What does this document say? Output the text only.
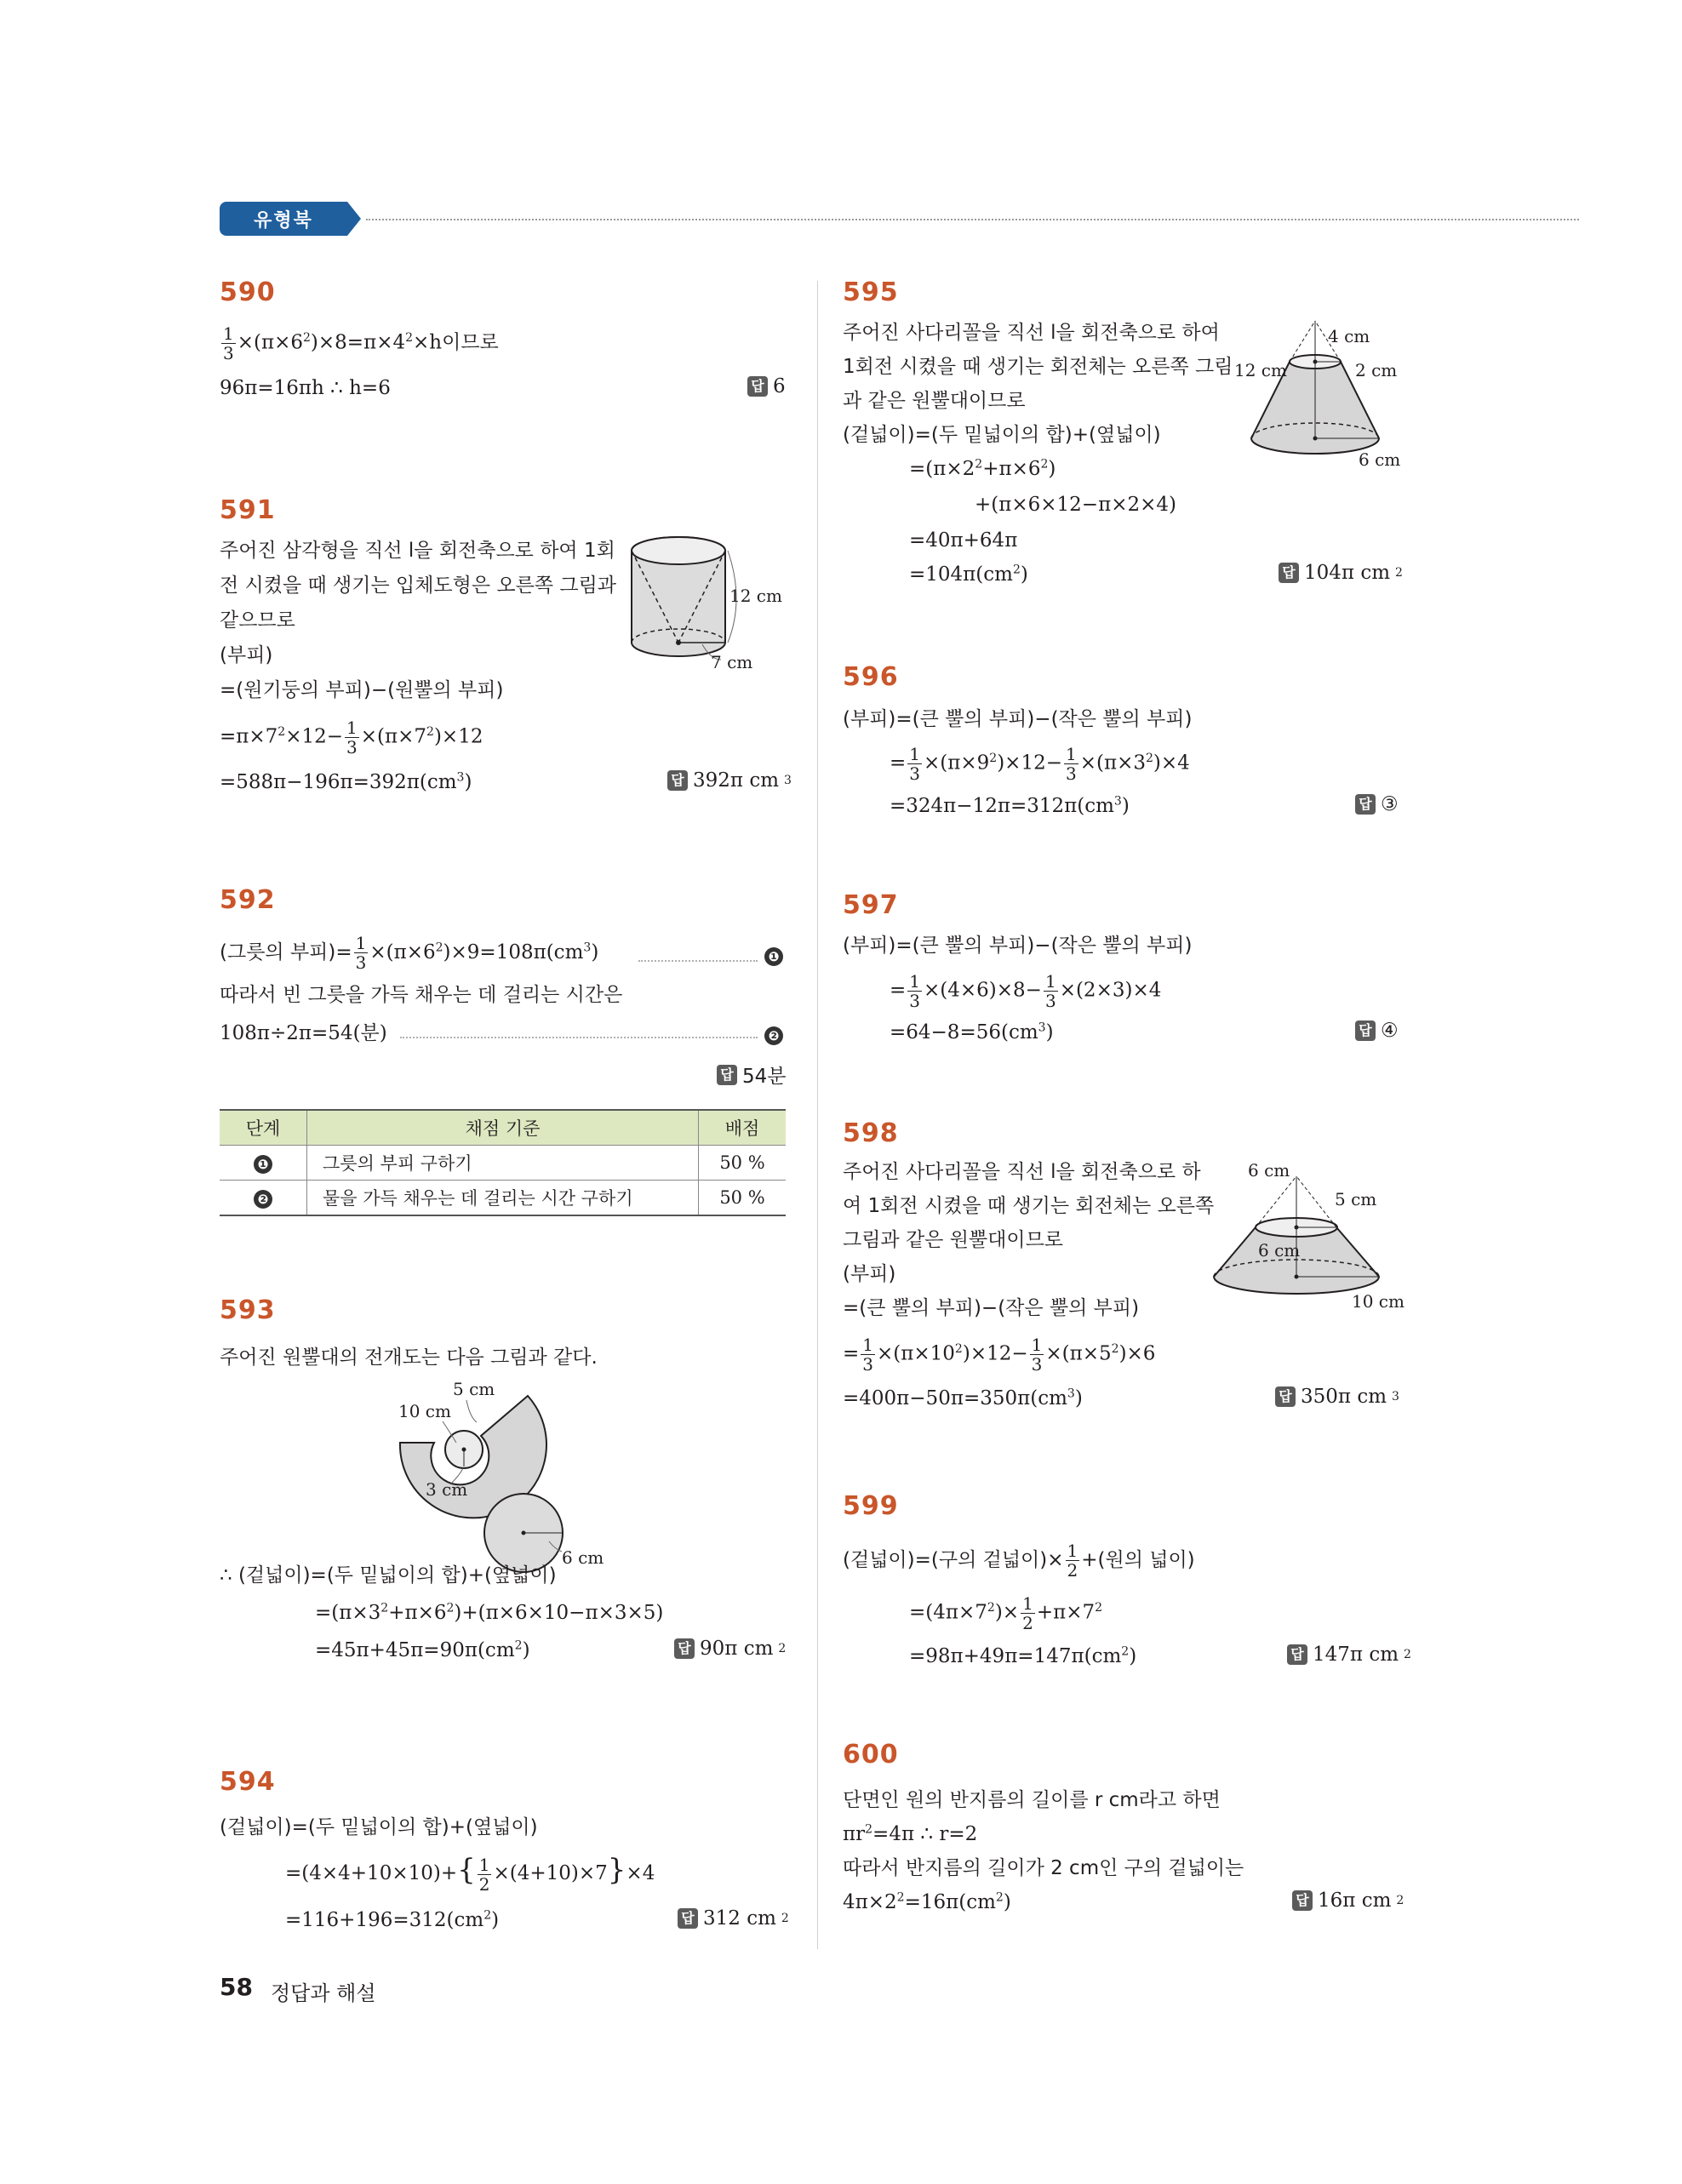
유형북
590
$\frac{1}{3} \times(\pi\times 6^2)\times 8=\pi\times 4^2\times h$이므로
96π=16πh ∴ h=6	답 6
591
주어진 삼각형을 직선 l을 회전축으로 하여 1회
전 시켰을 때 생기는 입체도형은 오른쪽 그림과
같으므로
(부피)
=(원기둥의 부피)−(원뿔의 부피)
$=\pi\times 7^2\times 12- \frac{1}{3} \times(\pi\times 7^2)\times 12$
$=588\pi-196\pi=392\pi(cm^3)$	답 392π cm 3
12 cm
7 cm
592
(그릇의 부피)= $\frac{1}{3} \times(\pi\times 6^2)\times 9=108\pi(cm^3)$	❶
따라서 빈 그릇을 가득 채우는 데 걸리는 시간은
108π÷2π=54(분)	❷
답 54분
단계	채점 기준	배점
❶	그릇의 부피 구하기	50 %
❷	물을 가득 채우는 데 걸리는 시간 구하기	50 %
593
주어진 원뿔대의 전개도는 다음 그림과 같다.
5 cm
10 cm
3 cm
6 cm
∴ (겉넓이)=(두 밑넓이의 합)+(옆넓이)
$=(\pi\times 3^2+\pi\times 6^2)+(\pi\times 6\times 10-\pi\times 3\times 5)$
$=45\pi+45\pi=90\pi(cm^2)$	답 90π cm 2
594
(겉넓이)=(두 밑넓이의 합)+(옆넓이)
$=(4\times 4+10\times 10)+\{ \frac{1}{2} \times(4+10)\times 7\}\times 4$
$=116+196=312(cm^2)$	답 312 cm 2
595
주어진 사다리꼴을 직선 l을 회전축으로 하여
1회전 시켰을 때 생기는 회전체는 오른쪽 그림
과 같은 원뿔대이므로
(겉넓이)=(두 밑넓이의 합)+(옆넓이)
$=(\pi\times 2^2+\pi\times 6^2)$
+(π×6×12−π×2×4)
=40π+64π
$=104\pi(cm^2)$	답 104π cm 2
4 cm
12 cm	2 cm
6 cm
596
(부피)=(큰 뿔의 부피)−(작은 뿔의 부피)
= $\frac{1}{3} \times(\pi\times 9^2)\times 12- \frac{1}{3} \times(\pi\times 3^2)\times 4$
$=324\pi-12\pi=312\pi(cm^3)$	답 ③
597
(부피)=(큰 뿔의 부피)−(작은 뿔의 부피)
= $\frac{1}{3} \times(4\times 6)\times 8- \frac{1}{3} \times(2\times 3)\times 4$
$=64-8=56(cm^3)$	답 ④
598
주어진 사다리꼴을 직선 l을 회전축으로 하
여 1회전 시켰을 때 생기는 회전체는 오른쪽
그림과 같은 원뿔대이므로
(부피)
=(큰 뿔의 부피)−(작은 뿔의 부피)
= $\frac{1}{3} \times(\pi\times 10^2)\times 12- \frac{1}{3} \times(\pi\times 5^2)\times 6$
$=400\pi-50\pi=350\pi(cm^3)$	답 350π cm 3
6 cm
5 cm
6 cm
10 cm
599
(겉넓이)=(구의 겉넓이)× $\frac{1}{2}$ +(원의 넓이)
$=(4\pi\times 7^2)\times \frac{1}{2} +\pi\times 7^2$
$=98\pi+49\pi=147\pi(cm^2)$	답 147π cm 2
600
단면인 원의 반지름의 길이를 r cm라고 하면
$\pi r^2=4\pi$ ∴ r=2
따라서 반지름의 길이가 2 cm인 구의 겉넓이는
$4\pi\times 2^2=16\pi(cm^2)$	답 16π cm 2
58 정답과 해설
